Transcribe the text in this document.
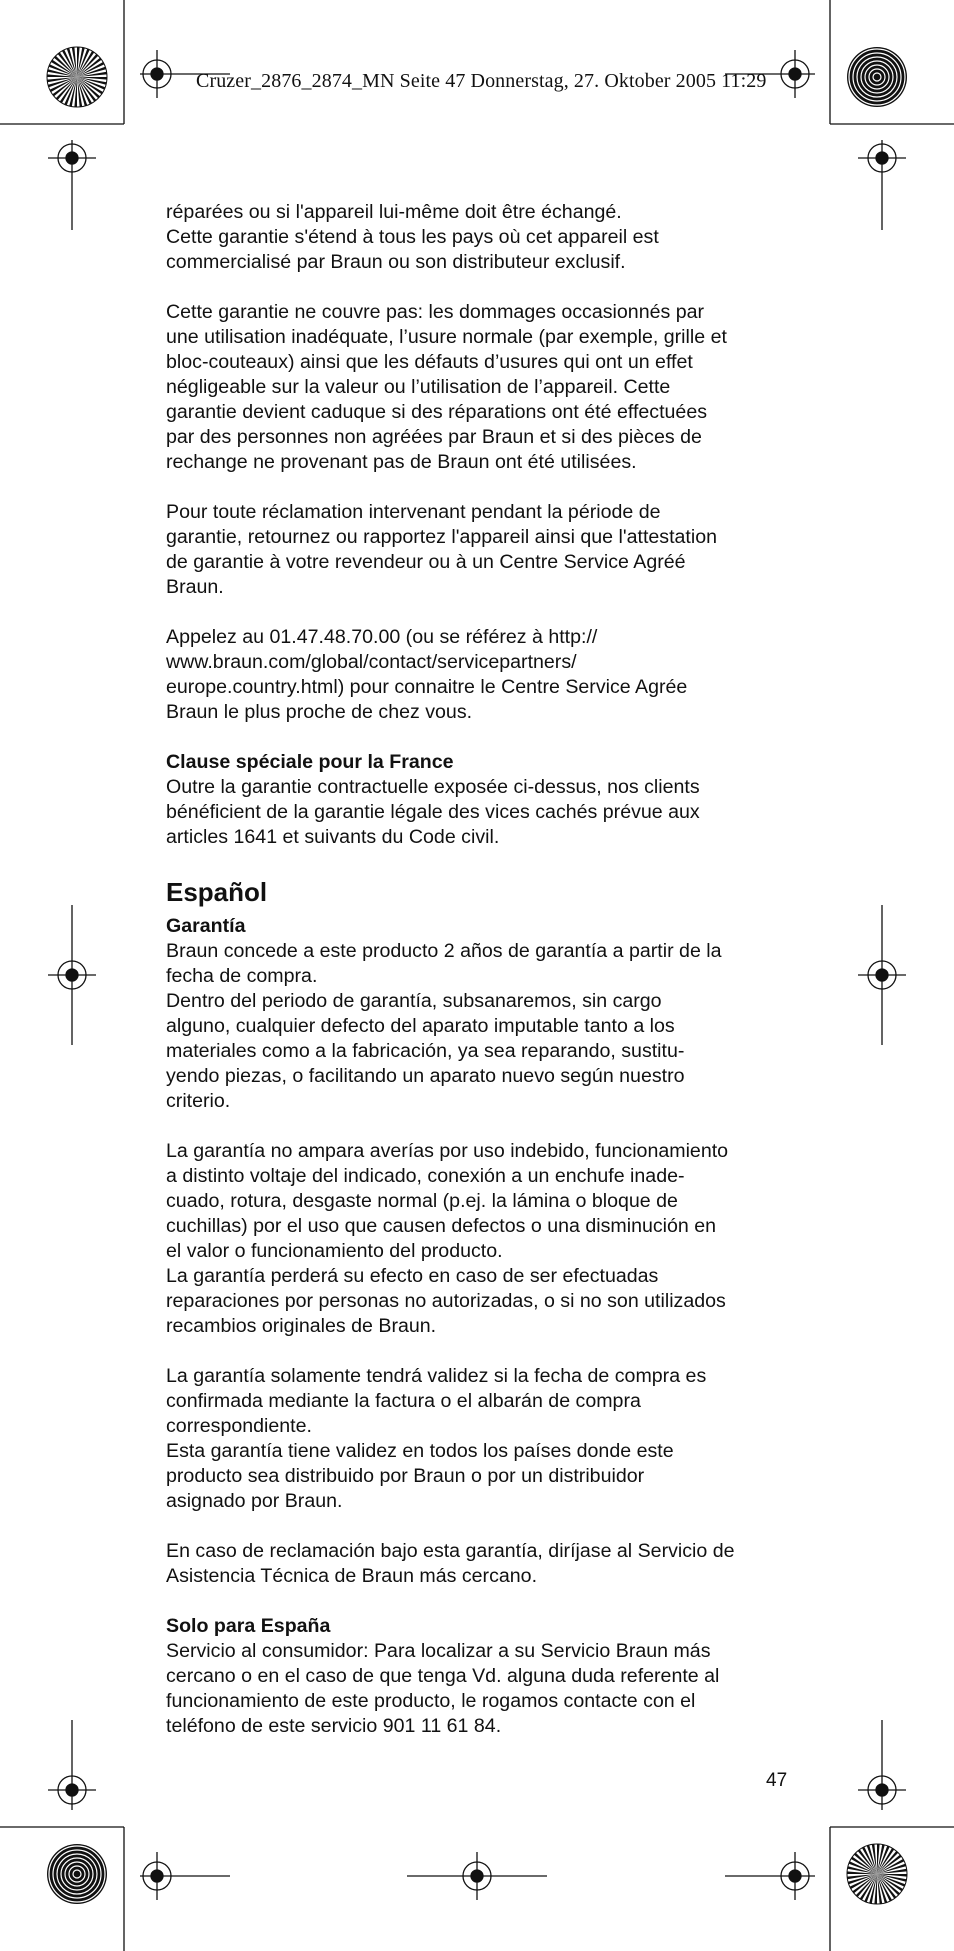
Cruzer_2876_2874_MN Seite 47 Donnerstag, 27. Oktober 2005 11:29

réparées ou si l'appareil lui-même doit être échangé.
Cette garantie s'étend à tous les pays où cet appareil est
commercialisé par Braun ou son distributeur exclusif.

Cette garantie ne couvre pas: les dommages occasionnés par
une utilisation inadéquate, l’usure normale (par exemple, grille et
bloc-couteaux) ainsi que les défauts d’usures qui ont un effet
négligeable sur la valeur ou l’utilisation de l’appareil. Cette
garantie devient caduque si des réparations ont été effectuées
par des personnes non agréées par Braun et si des pièces de
rechange ne provenant pas de Braun ont été utilisées.

Pour toute réclamation intervenant pendant la période de
garantie, retournez ou rapportez l'appareil ainsi que l'attestation
de garantie à votre revendeur ou à un Centre Service Agréé
Braun.

Appelez au 01.47.48.70.00 (ou se référez à http://
www.braun.com/global/contact/servicepartners/
europe.country.html) pour connaitre le Centre Service Agrée
Braun le plus proche de chez vous.

Clause spéciale pour la France

Outre la garantie contractuelle exposée ci-dessus, nos clients
bénéficient de la garantie légale des vices cachés prévue aux
articles 1641 et suivants du Code civil.

Español
Garantía

Braun concede a este producto 2 años de garantía a partir de la
fecha de compra.
Dentro del periodo de garantía, subsanaremos, sin cargo
alguno, cualquier defecto del aparato imputable tanto a los
materiales como a la fabricación, ya sea reparando, sustitu-
yendo piezas, o facilitando un aparato nuevo según nuestro
criterio.

La garantía no ampara averías por uso indebido, funcionamiento
a distinto voltaje del indicado, conexión a un enchufe inade-
cuado, rotura, desgaste normal (p.ej. la lámina o bloque de
cuchillas) por el uso que causen defectos o una disminución en
el valor o funcionamiento del producto.
La garantía perderá su efecto en caso de ser efectuadas
reparaciones por personas no autorizadas, o si no son utilizados
recambios originales de Braun.

La garantía solamente tendrá validez si la fecha de compra es
confirmada mediante la factura o el albarán de compra
correspondiente.
Esta garantía tiene validez en todos los países donde este
producto sea distribuido por Braun o por un distribuidor
asignado por Braun.

En caso de reclamación bajo esta garantía, diríjase al Servicio de
Asistencia Técnica de Braun más cercano.

Solo para España

Servicio al consumidor: Para localizar a su Servicio Braun más
cercano o en el caso de que tenga Vd. alguna duda referente al
funcionamiento de este producto, le rogamos contacte con el
teléfono de este servicio 901 11 61 84.

47
